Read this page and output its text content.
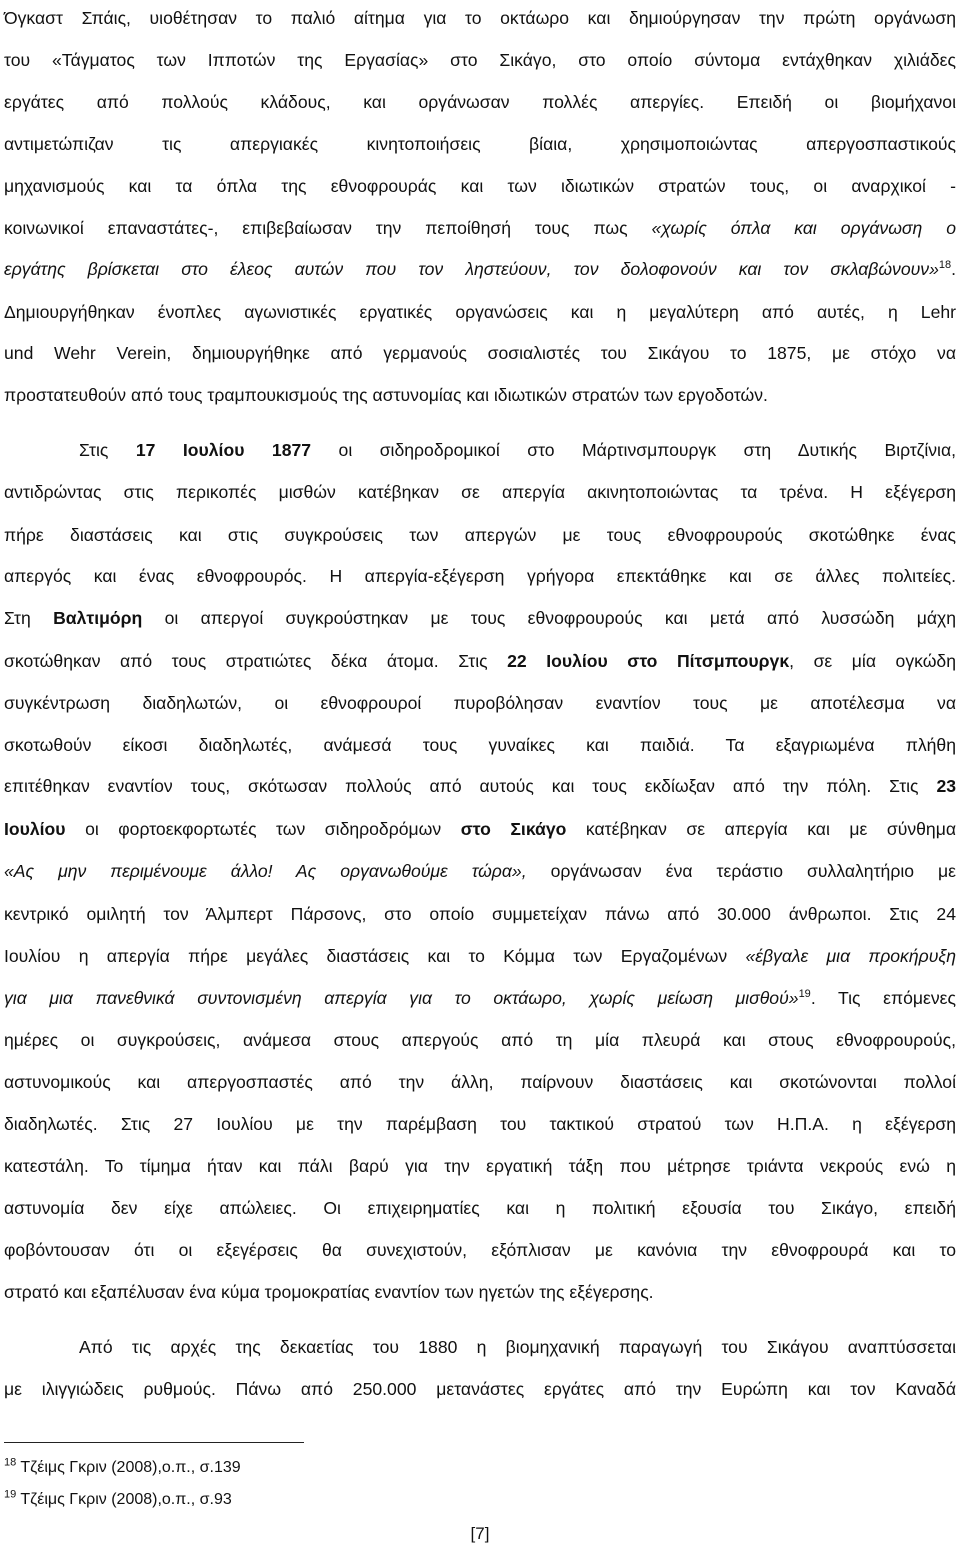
Όγκαστ Σπάις, υιοθέτησαν το παλιό αίτημα για το οκτάωρο και δημιούργησαν την πρώτη οργάνωση
του «Τάγματος των Ιπποτών της Εργασίας» στο Σικάγο, στο οποίο σύντομα εντάχθηκαν χιλιάδες
εργάτες από πολλούς κλάδους, και οργάνωσαν πολλές απεργίες. Επειδή οι βιομήχανοι
αντιμετώπιζαν τις απεργιακές κινητοποιήσεις βίαια, χρησιμοποιώντας απεργοσπαστικούς
μηχανισμούς και τα όπλα της εθνοφρουράς και των ιδιωτικών στρατών τους, οι αναρχικοί -
κοινωνικοί επαναστάτες-, επιβεβαίωσαν την πεποίθησή τους πως «χωρίς όπλα και οργάνωση ο
εργάτης βρίσκεται στο έλεος αυτών που τον ληστεύουν, τον δολοφονούν και τον σκλαβώνουν»$^{18}$.
Δημιουργήθηκαν ένοπλες αγωνιστικές εργατικές οργανώσεις και η μεγαλύτερη από αυτές, η Lehr
und Wehr Verein, δημιουργήθηκε από γερμανούς σοσιαλιστές του Σικάγου το 1875, με στόχο να
προστατευθούν από τους τραμπουκισμούς της αστυνομίας και ιδιωτικών στρατών των εργοδοτών.
Στις 17 Ιουλίου 1877 οι σιδηροδρομικοί στο Μάρτινσμπουργκ στη Δυτικής Βιρτζίνια,
αντιδρώντας στις περικοπές μισθών κατέβηκαν σε απεργία ακινητοποιώντας τα τρένα. Η εξέγερση
πήρε διαστάσεις και στις συγκρούσεις των απεργών με τους εθνοφρουρούς σκοτώθηκε ένας
απεργός και ένας εθνοφρουρός. Η απεργία-εξέγερση γρήγορα επεκτάθηκε και σε άλλες πολιτείες.
Στη Βαλτιμόρη οι απεργοί συγκρούστηκαν με τους εθνοφρουρούς και μετά από λυσσώδη μάχη
σκοτώθηκαν από τους στρατιώτες δέκα άτομα. Στις 22 Ιουλίου στο Πίτσμπουργκ, σε μία ογκώδη
συγκέντρωση διαδηλωτών, οι εθνοφρουροί πυροβόλησαν εναντίον τους με αποτέλεσμα να
σκοτωθούν είκοσι διαδηλωτές, ανάμεσά τους γυναίκες και παιδιά. Τα εξαγριωμένα πλήθη
επιτέθηκαν εναντίον τους, σκότωσαν πολλούς από αυτούς και τους εκδίωξαν από την πόλη. Στις 23
Ιουλίου οι φορτοεκφορτωτές των σιδηροδρόμων στο Σικάγο κατέβηκαν σε απεργία και με σύνθημα
«Ας μην περιμένουμε άλλο! Ας οργανωθούμε τώρα», οργάνωσαν ένα τεράστιο συλλαλητήριο με
κεντρικό ομιλητή τον Άλμπερτ Πάρσονς, στο οποίο συμμετείχαν πάνω από 30.000 άνθρωποι. Στις 24
Ιουλίου η απεργία πήρε μεγάλες διαστάσεις και το Κόμμα των Εργαζομένων «έβγαλε μια προκήρυξη
για μια πανεθνικά συντονισμένη απεργία για το οκτάωρο, χωρίς μείωση μισθού»$^{19}$. Τις επόμενες
ημέρες οι συγκρούσεις, ανάμεσα στους απεργούς από τη μία πλευρά και στους εθνοφρουρούς,
αστυνομικούς και απεργοσπαστές από την άλλη, παίρνουν διαστάσεις και σκοτώνονται πολλοί
διαδηλωτές. Στις 27 Ιουλίου με την παρέμβαση του τακτικού στρατού των Η.Π.Α. η εξέγερση
κατεστάλη. Το τίμημα ήταν και πάλι βαρύ για την εργατική τάξη που μέτρησε τριάντα νεκρούς ενώ η
αστυνομία δεν είχε απώλειες. Οι επιχειρηματίες και η πολιτική εξουσία του Σικάγο, επειδή
φοβόντουσαν ότι οι εξεγέρσεις θα συνεχιστούν, εξόπλισαν με κανόνια την εθνοφρουρά και το
στρατό και εξαπέλυσαν ένα κύμα τρομοκρατίας εναντίον των ηγετών της εξέγερσης.
Από τις αρχές της δεκαετίας του 1880 η βιομηχανική παραγωγή του Σικάγου αναπτύσσεται
με ιλιγγιώδεις ρυθμούς. Πάνω από 250.000 μετανάστες εργάτες από την Ευρώπη και τον Καναδά
$^{18}$ Τζέιμς Γκριν (2008),ο.π., σ.139
$^{19}$ Τζέιμς Γκριν (2008),ο.π., σ.93
[7]
